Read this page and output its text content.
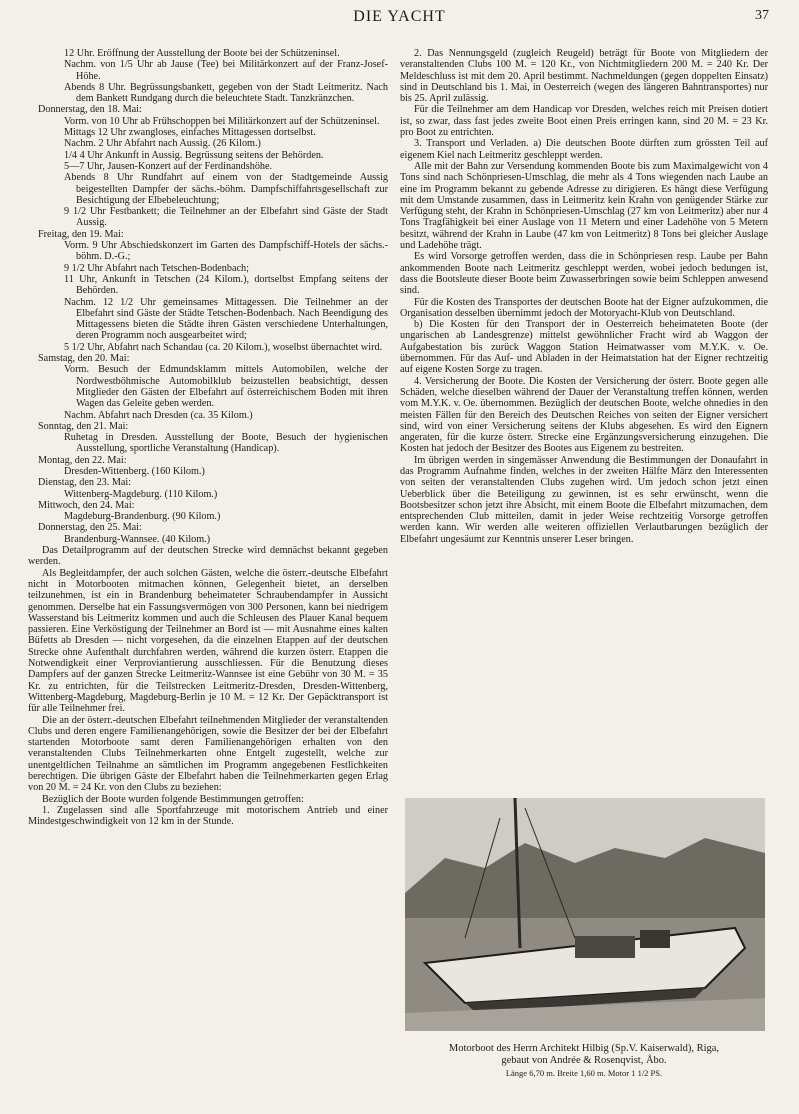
DIE YACHT	37

12 Uhr. Eröffnung der Ausstellung der Boote bei der Schützeninsel.

Nachm. von 1/5 Uhr ab Jause (Tee) bei Militärkonzert auf der Franz-Josef-Höhe.

Abends 8 Uhr. Begrüssungsbankett, gegeben von der Stadt Leitmeritz. Nach dem Bankett Rundgang durch die beleuchtete Stadt. Tanzkränzchen.

Donnerstag, den 18. Mai:

Vorm. von 10 Uhr ab Frühschoppen bei Militärkonzert auf der Schützeninsel.

Mittags 12 Uhr zwangloses, einfaches Mittagessen dortselbst.

Nachm. 2 Uhr Abfahrt nach Aussig. (26 Kilom.)

1/4 4 Uhr Ankunft in Aussig. Begrüssung seitens der Behörden.

5—7 Uhr, Jausen-Konzert auf der Ferdinandshöhe.

Abends 8 Uhr Rundfahrt auf einem von der Stadtgemeinde Aussig beigestellten Dampfer der sächs.-böhm. Dampfschiffahrtsgesellschaft zur Besichtigung der Elbebeleuchtung;

9 1/2 Uhr Festbankett; die Teilnehmer an der Elbefahrt sind Gäste der Stadt Aussig.

Freitag, den 19. Mai:

Vorm. 9 Uhr Abschiedskonzert im Garten des Dampfschiff-Hotels der sächs.-böhm. D.-G.;

9 1/2 Uhr Abfahrt nach Tetschen-Bodenbach;

11 Uhr, Ankunft in Tetschen (24 Kilom.), dortselbst Empfang seitens der Behörden.

Nachm. 12 1/2 Uhr gemeinsames Mittagessen. Die Teilnehmer an der Elbefahrt sind Gäste der Städte Tetschen-Bodenbach. Nach Beendigung des Mittagessens bieten die Städte ihren Gästen verschiedene Unterhaltungen, deren Programm noch ausgearbeitet wird;

5 1/2 Uhr, Abfahrt nach Schandau (ca. 20 Kilom.), woselbst übernachtet wird.

Samstag, den 20. Mai:

Vorm. Besuch der Edmundsklamm mittels Automobilen, welche der Nordwestböhmische Automobilklub beizustellen beabsichtigt, dessen Mitglieder den Gästen der Elbefahrt auf österreichischem Boden mit ihren Wagen das Geleite geben werden.

Nachm. Abfahrt nach Dresden (ca. 35 Kilom.)

Sonntag, den 21. Mai:

Ruhetag in Dresden. Ausstellung der Boote, Besuch der hygienischen Ausstellung, sportliche Veranstaltung (Handicap).

Montag, den 22. Mai:

Dresden-Wittenberg. (160 Kilom.)

Dienstag, den 23. Mai:

Wittenberg-Magdeburg. (110 Kilom.)

Mittwoch, den 24. Mai:

Magdeburg-Brandenburg. (90 Kilom.)

Donnerstag, den 25. Mai:

Brandenburg-Wannsee. (40 Kilom.)

Das Detailprogramm auf der deutschen Strecke wird demnächst bekannt gegeben werden.

Als Begleitdampfer, der auch solchen Gästen, welche die österr.-deutsche Elbefahrt nicht in Motorbooten mitmachen können, Gelegenheit bietet, an derselben teilzunehmen, ist ein in Brandenburg beheimateter Schraubendampfer in Aussicht genommen. Derselbe hat ein Fassungsvermögen von 300 Personen, kann bei niedrigem Wasserstand bis Leitmeritz kommen und auch die Schleusen des Plauer Kanal bequem passieren. Eine Verköstigung der Teilnehmer an Bord ist — mit Ausnahme eines kalten Büfetts ab Dresden — nicht vorgesehen, da die einzelnen Etappen auf der deutschen Strecke ohne Aufenthalt durchfahren werden, während die kurzen österr. Etappen die Notwendigkeit einer Verproviantierung ausschliessen. Für die Benutzung dieses Dampfers auf der ganzen Strecke Leitmeritz-Wannsee ist eine Gebühr von 30 M. = 35 Kr. zu entrichten, für die Teilstrecken Leitmeritz-Dresden, Dresden-Wittenberg, Wittenberg-Magdeburg, Magdeburg-Berlin je 10 M. = 12 Kr. Der Gepäcktransport ist für alle Teilnehmer frei.

Die an der österr.-deutschen Elbefahrt teilnehmenden Mitglieder der veranstaltenden Clubs und deren engere Familienangehörigen, sowie die Besitzer der bei der Elbefahrt startenden Motorboote samt deren Familienangehörigen erhalten von den veranstaltenden Clubs Teilnehmerkarten ohne Entgelt zugestellt, welche zur unentgeltlichen Teilnahme an sämtlichen im Programm angegebenen Festlichkeiten berechtigen. Die übrigen Gäste der Elbefahrt haben die Teilnehmerkarten gegen Erlag von 20 M. = 24 Kr. von den Clubs zu beziehen:

Bezüglich der Boote wurden folgende Bestimmungen getroffen:

1. Zugelassen sind alle Sportfahrzeuge mit motorischem Antrieb und einer Mindestgeschwindigkeit von 12 km in der Stunde.

2. Das Nennungsgeld (zugleich Reugeld) beträgt für Boote von Mitgliedern der veranstaltenden Clubs 100 M. = 120 Kr., von Nichtmitgliedern 200 M. = 240 Kr. Der Meldeschluss ist mit dem 20. April bestimmt. Nachmeldungen (gegen doppelten Einsatz) sind in Deutschland bis 1. Mai, in Oesterreich (wegen des längeren Bahntransportes) nur bis 25. April zulässig.

Für die Teilnehmer am dem Handicap vor Dresden, welches reich mit Preisen dotiert ist, so zwar, dass fast jedes zweite Boot einen Preis erringen kann, sind 20 M. = 23 Kr. pro Boot zu entrichten.

3. Transport und Verladen. a) Die deutschen Boote dürften zum grössten Teil auf eigenem Kiel nach Leitmeritz geschleppt werden.

Alle mit der Bahn zur Versendung kommenden Boote bis zum Maximalgewicht von 4 Tons sind nach Schönpriesen-Umschlag, die mehr als 4 Tons wiegenden nach Laube an eine im Programm bekannt zu gebende Adresse zu dirigieren. Es hängt diese Verfügung mit dem Umstande zusammen, dass in Leitmeritz kein Krahn von genügender Stärke zur Verfügung steht, der Krahn in Schönpriesen-Umschlag (27 km von Leitmeritz) aber nur 4 Tons Tragfähigkeit bei einer Auslage von 11 Metern und einer Ladehöhe von 5 Metern besitzt, während der Krahn in Laube (47 km von Leitmeritz) 8 Tons bei gleicher Auslage und Ladehöhe trägt.

Es wird Vorsorge getroffen werden, dass die in Schönpriesen resp. Laube per Bahn ankommenden Boote nach Leitmeritz geschleppt werden, wobei jedoch bedungen ist, dass die Bootsleute dieser Boote beim Zuwasserbringen sowie beim Schleppen anwesend sind.

Für die Kosten des Transportes der deutschen Boote hat der Eigner aufzukommen, die Organisation desselben übernimmt jedoch der Motoryacht-Klub von Deutschland.

b) Die Kosten für den Transport der in Oesterreich beheimateten Boote (der ungarischen ab Landesgrenze) mittelst gewöhnlicher Fracht wird ab Waggon der Aufgabestation bis zurück Waggon Station Heimatwasser vom M.Y.K. v. Oe. übernommen. Für das Auf- und Abladen in der Heimatstation hat der Eigner rechtzeitig auf eigene Kosten Sorge zu tragen.

4. Versicherung der Boote. Die Kosten der Versicherung der österr. Boote gegen alle Schäden, welche dieselben während der Dauer der Veranstaltung treffen können, werden vom M.Y.K. v. Oe. übernommen. Bezüglich der deutschen Boote, welche ohnedies in den meisten Fällen für den Bereich des Deutschen Reiches von seiten der Eigner versichert sind, wird von einer Versicherung seitens der Klubs abgesehen. Es wird den Eignern angeraten, für die kurze österr. Strecke eine Ergänzungsversicherung einzugehen. Die Kosten hat jedoch der Besitzer des Bootes aus Eigenem zu bestreiten.

Im übrigen werden in singemässer Anwendung die Bestimmungen der Donaufahrt in das Programm Aufnahme finden, welches in der zweiten Hälfte März den Interessenten von seiten der veranstaltenden Clubs zugehen wird. Um jedoch schon jetzt einen Ueberblick über die Beteiligung zu gewinnen, ist es sehr erwünscht, wenn die Bootsbesitzer schon jetzt ihre Absicht, mit einem Boote die Elbefahrt mitzumachen, dem entsprechenden Club mitteilen, damit in jeder Weise rechtzeitig Vorsorge getroffen werden kann. Wir werden alle weiteren offiziellen Verlautbarungen bezüglich der Elbefahrt ungesäumt zur Kenntnis unserer Leser bringen.

Motorboot des Herrn Architekt Hilbig (Sp.V. Kaiserwald), Riga,
gebaut von Andrée & Rosenqvist, Åbo.
Länge 6,70 m. Breite 1,60 m. Motor 1 1/2 PS.
